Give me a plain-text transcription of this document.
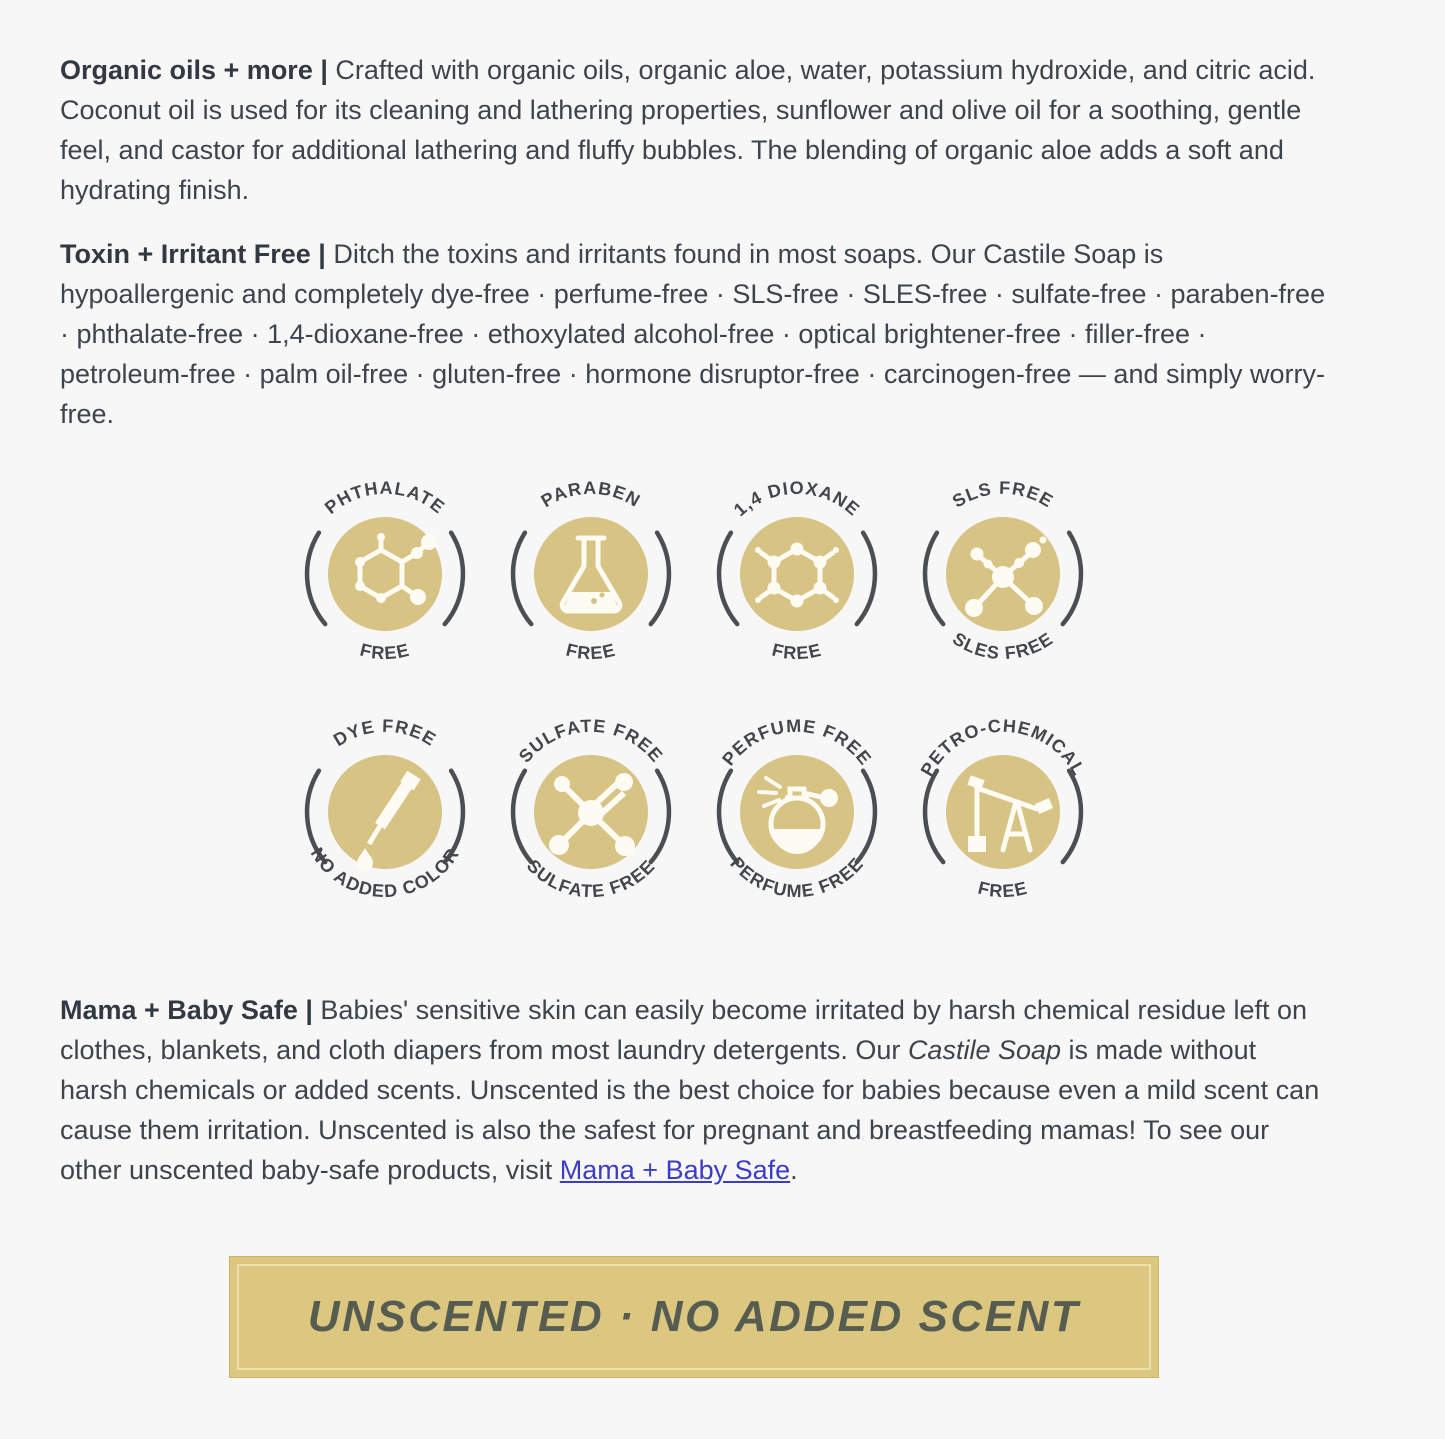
Organic oils + more | Crafted with organic oils, organic aloe, water, potassium hydroxide, and citric acid. Coconut oil is used for its cleaning and lathering properties, sunflower and olive oil for a soothing, gentle feel, and castor for additional lathering and fluffy bubbles. The blending of organic aloe adds a soft and hydrating finish.

Toxin + Irritant Free | Ditch the toxins and irritants found in most soaps. Our Castile Soap is hypoallergenic and completely dye-free · perfume-free · SLS-free · SLES-free · sulfate-free · paraben-free · phthalate-free · 1,4-dioxane-free · ethoxylated alcohol-free · optical brightener-free · filler-free · petroleum-free · palm oil-free · gluten-free · hormone disruptor-free · carcinogen-free — and simply worry-free.

PHTHALATE
FREE
PARABEN
FREE
1,4 DIOXANE
FREE
SLS FREE
SLES FREE
DYE FREE
NO ADDED COLOR
SULFATE FREE
SULFATE FREE
PERFUME FREE
PERFUME FREE
PETRO-CHEMICAL
FREE

Mama + Baby Safe | Babies' sensitive skin can easily become irritated by harsh chemical residue left on clothes, blankets, and cloth diapers from most laundry detergents. Our Castile Soap is made without harsh chemicals or added scents. Unscented is the best choice for babies because even a mild scent can cause them irritation. Unscented is also the safest for pregnant and breastfeeding mamas! To see our other unscented baby-safe products, visit Mama + Baby Safe.

UNSCENTED · NO ADDED SCENT
